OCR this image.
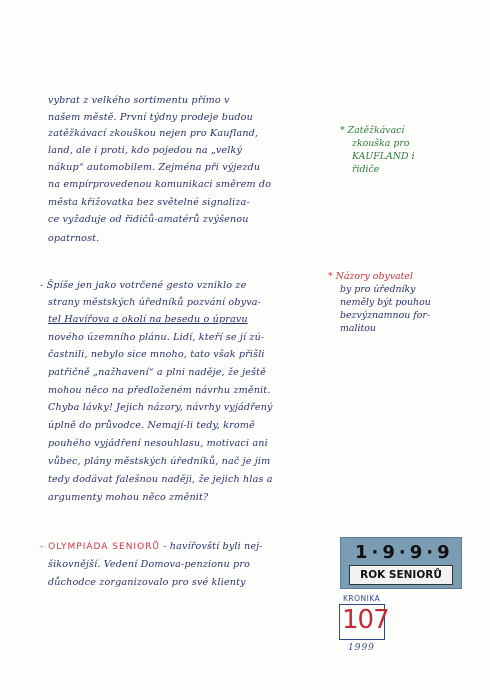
vybrat z velkého sortimentu přímo v
našem městě. První týdny prodeje budou
zatěžkávací zkouškou nejen pro Kaufland,
land, ale i proti, kdo pojedou na „velký
nákup“ automobilem. Zejména při výjezdu
na empírprovedenou komunikaci směrem do
města křižovatka bez světelné signaliza-
ce vyžaduje od řidičů-amatérů zvýšenou
opatrnost.
* Zatěžkávací
zkouška pro
KAUFLAND i
řidiče
- Špíše jen jako votrčené gesto vzniklo ze
strany městských úředníků pozvání obyva-
tel Havířova a okolí na besedu o úpravu
nového územního plánu. Lidí, kteří se jí zú-
častnili, nebylo sice mnoho, tato však přišli
patřičně „nažhavení“ a plni naděje, že ještě
mohou něco na předloženém návrhu změnit.
Chyba lávky! Jejich názory, návrhy vyjádřený
úplně do průvodce. Nemají-li tedy, kromě
pouhého vyjádření nesouhlasu, motivaci ani
vůbec, plány městských úředníků, nač je jim
tedy dodávat falešnou naději, že jejich hlas a
argumenty mohou něco změnit?
* Názory obyvatel
by pro úředníky
neměly být pouhou
bezvýznamnou for-
malitou
- OLYMPIÁDA SENIORŮ - havířovští byli nej-
šikovnější. Vedení Domova-penzionu pro
důchodce zorganizovalo pro své klienty
1·9·9·9
ROK SENIORŮ
KRONIKA
107
1999
